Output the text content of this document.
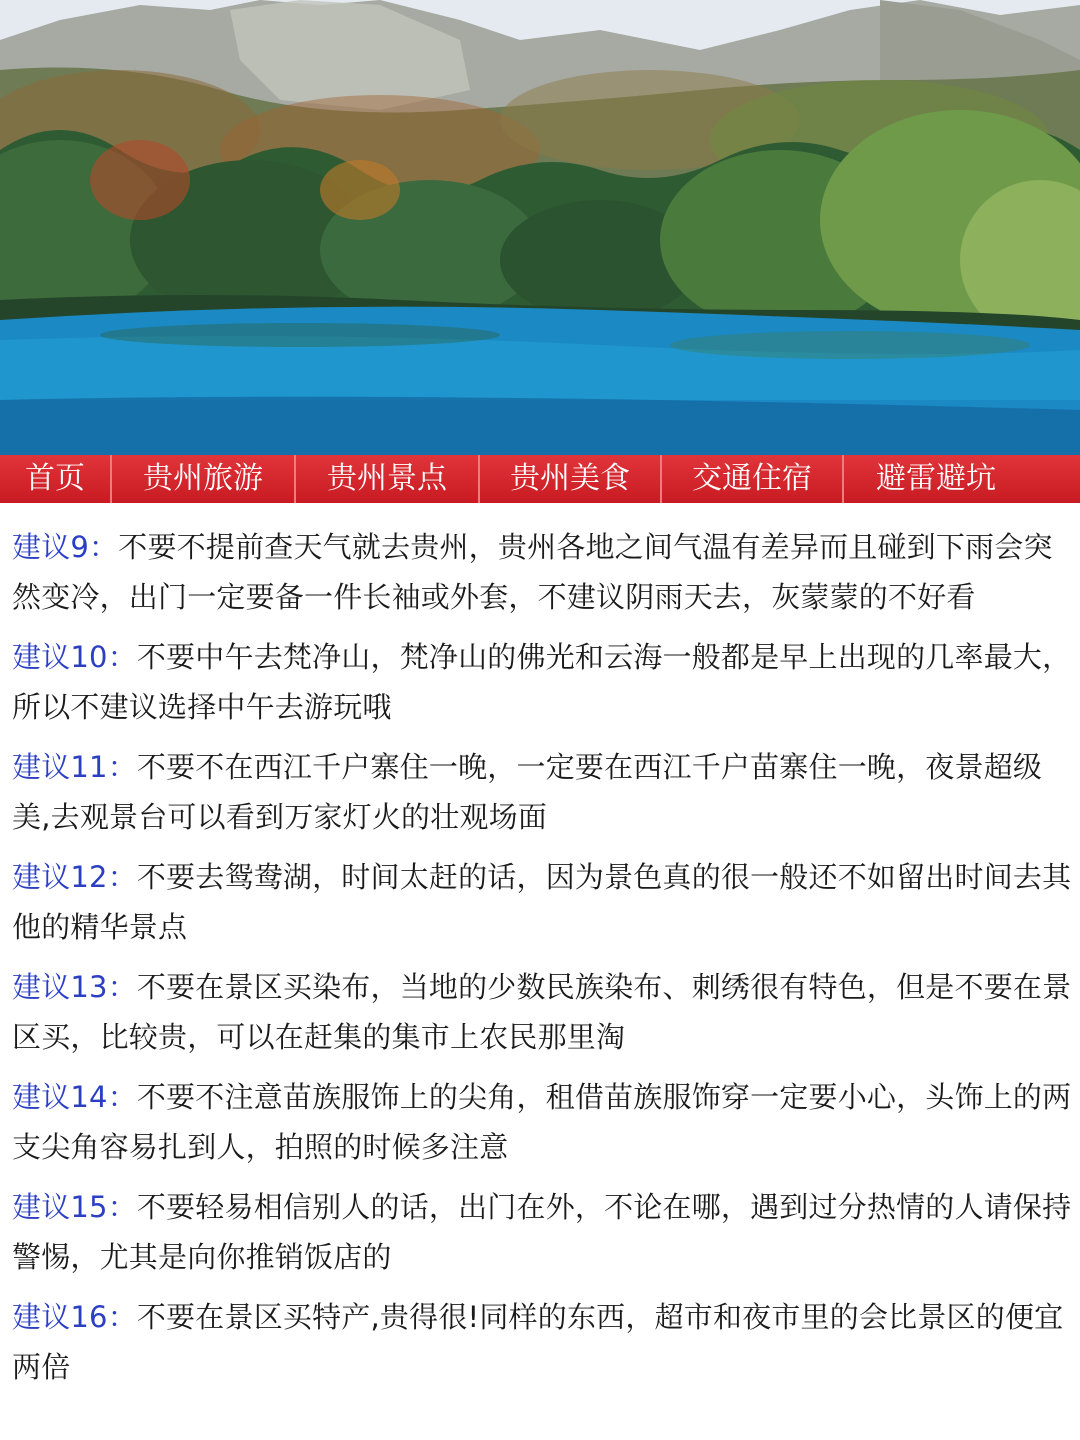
首页	贵州旅游	贵州景点	贵州美食	交通住宿	避雷避坑
建议9：不要不提前查天气就去贵州，贵州各地之间气温有差异而且碰到下雨会突然变冷，出门一定要备一件长袖或外套，不建议阴雨天去，灰蒙蒙的不好看
建议10：不要中午去梵净山，梵净山的佛光和云海一般都是早上出现的几率最大，所以不建议选择中午去游玩哦
建议11：不要不在西江千户寨住一晚，一定要在西江千户苗寨住一晚，夜景超级美,去观景台可以看到万家灯火的壮观场面
建议12：不要去鸳鸯湖，时间太赶的话，因为景色真的很一般还不如留出时间去其他的精华景点
建议13：不要在景区买染布，当地的少数民族染布、刺绣很有特色，但是不要在景区买，比较贵，可以在赶集的集市上农民那里淘
建议14：不要不注意苗族服饰上的尖角，租借苗族服饰穿一定要小心，头饰上的两支尖角容易扎到人，拍照的时候多注意
建议15：不要轻易相信别人的话，出门在外，不论在哪，遇到过分热情的人请保持警惕，尤其是向你推销饭店的
建议16：不要在景区买特产,贵得很!同样的东西，超市和夜市里的会比景区的便宜两倍
